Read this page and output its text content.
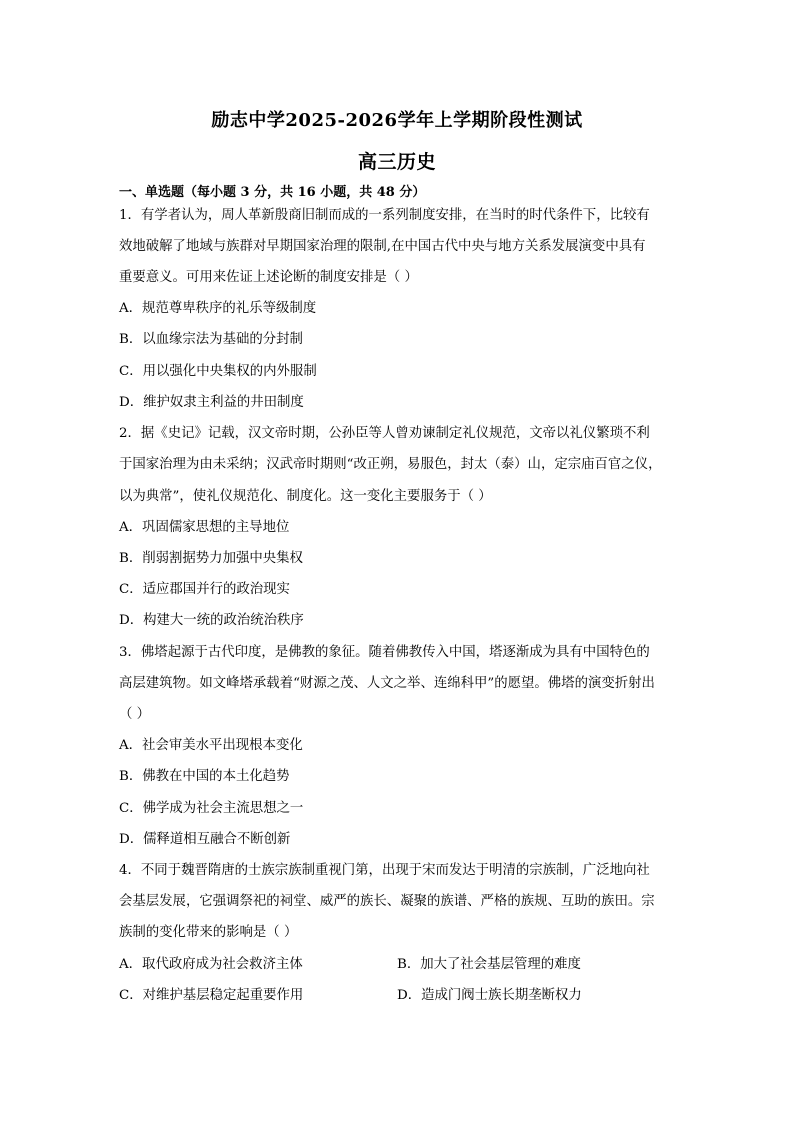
励志中学2025-2026学年上学期阶段性测试
高三历史
一、单选题（每小题 3 分，共 16 小题，共 48 分）
1．有学者认为，周人革新殷商旧制而成的一系列制度安排，在当时的时代条件下，比较有
效地破解了地域与族群对早期国家治理的限制,在中国古代中央与地方关系发展演变中具有
重要意义。可用来佐证上述论断的制度安排是（ ）
A．规范尊卑秩序的礼乐等级制度
B．以血缘宗法为基础的分封制
C．用以强化中央集权的内外服制
D．维护奴隶主利益的井田制度
2．据《史记》记载，汉文帝时期，公孙臣等人曾劝谏制定礼仪规范，文帝以礼仪繁琐不利
于国家治理为由未采纳；汉武帝时期则“改正朔，易服色，封太（泰）山，定宗庙百官之仪，
以为典常”，使礼仪规范化、制度化。这一变化主要服务于（ ）
A．巩固儒家思想的主导地位
B．削弱割据势力加强中央集权
C．适应郡国并行的政治现实
D．构建大一统的政治统治秩序
3．佛塔起源于古代印度，是佛教的象征。随着佛教传入中国，塔逐渐成为具有中国特色的
高层建筑物。如文峰塔承载着“财源之茂、人文之举、连绵科甲”的愿望。佛塔的演变折射出
（ ）
A．社会审美水平出现根本变化
B．佛教在中国的本土化趋势
C．佛学成为社会主流思想之一
D．儒释道相互融合不断创新
4．不同于魏晋隋唐的士族宗族制重视门第，出现于宋而发达于明清的宗族制，广泛地向社
会基层发展，它强调祭祀的祠堂、威严的族长、凝聚的族谱、严格的族规、互助的族田。宗
族制的变化带来的影响是（ ）
A．取代政府成为社会救济主体	B．加大了社会基层管理的难度
C．对维护基层稳定起重要作用	D．造成门阀士族长期垄断权力
